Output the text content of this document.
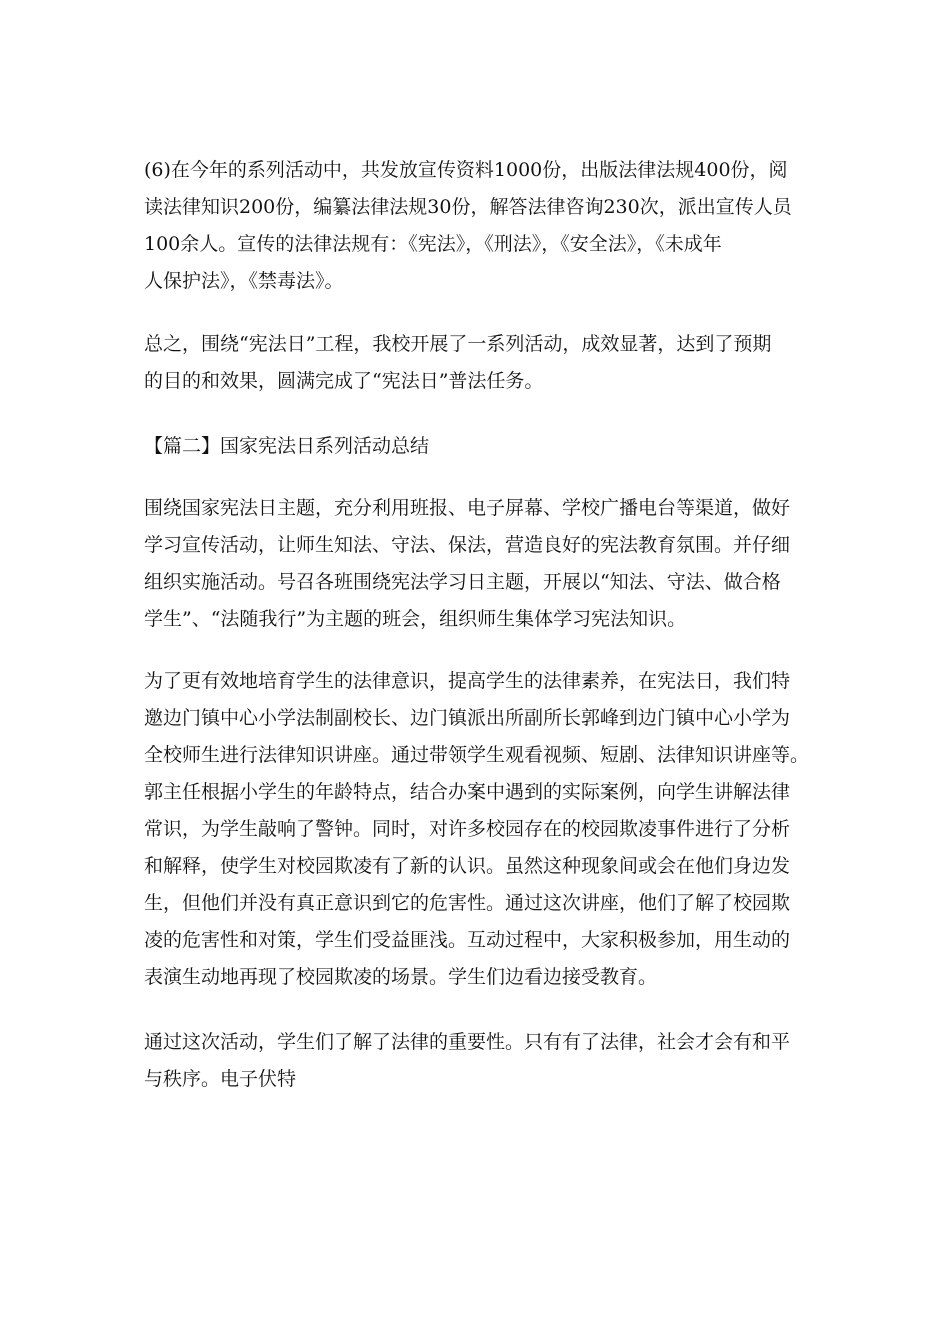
(6)在今年的系列活动中，共发放宣传资料1000份，出版法律法规400份，阅
读法律知识200份，编纂法律法规30份，解答法律咨询230次，派出宣传人员
100余人。宣传的法律法规有：《宪法》，《刑法》，《安全法》，《未成年
人保护法》，《禁毒法》。

总之，围绕“宪法日”工程，我校开展了一系列活动，成效显著，达到了预期
的目的和效果，圆满完成了“宪法日”普法任务。

【篇二】国家宪法日系列活动总结

围绕国家宪法日主题，充分利用班报、电子屏幕、学校广播电台等渠道，做好
学习宣传活动，让师生知法、守法、保法，营造良好的宪法教育氛围。并仔细
组织实施活动。号召各班围绕宪法学习日主题，开展以“知法、守法、做合格
学生”、“法随我行”为主题的班会，组织师生集体学习宪法知识。

为了更有效地培育学生的法律意识，提高学生的法律素养，在宪法日，我们特
邀边门镇中心小学法制副校长、边门镇派出所副所长郭峰到边门镇中心小学为
全校师生进行法律知识讲座。通过带领学生观看视频、短剧、法律知识讲座等。
郭主任根据小学生的年龄特点，结合办案中遇到的实际案例，向学生讲解法律
常识，为学生敲响了警钟。同时，对许多校园存在的校园欺凌事件进行了分析
和解释，使学生对校园欺凌有了新的认识。虽然这种现象间或会在他们身边发
生，但他们并没有真正意识到它的危害性。通过这次讲座，他们了解了校园欺
凌的危害性和对策，学生们受益匪浅。互动过程中，大家积极参加，用生动的
表演生动地再现了校园欺凌的场景。学生们边看边接受教育。

通过这次活动，学生们了解了法律的重要性。只有有了法律，社会才会有和平
与秩序。电子伏特
